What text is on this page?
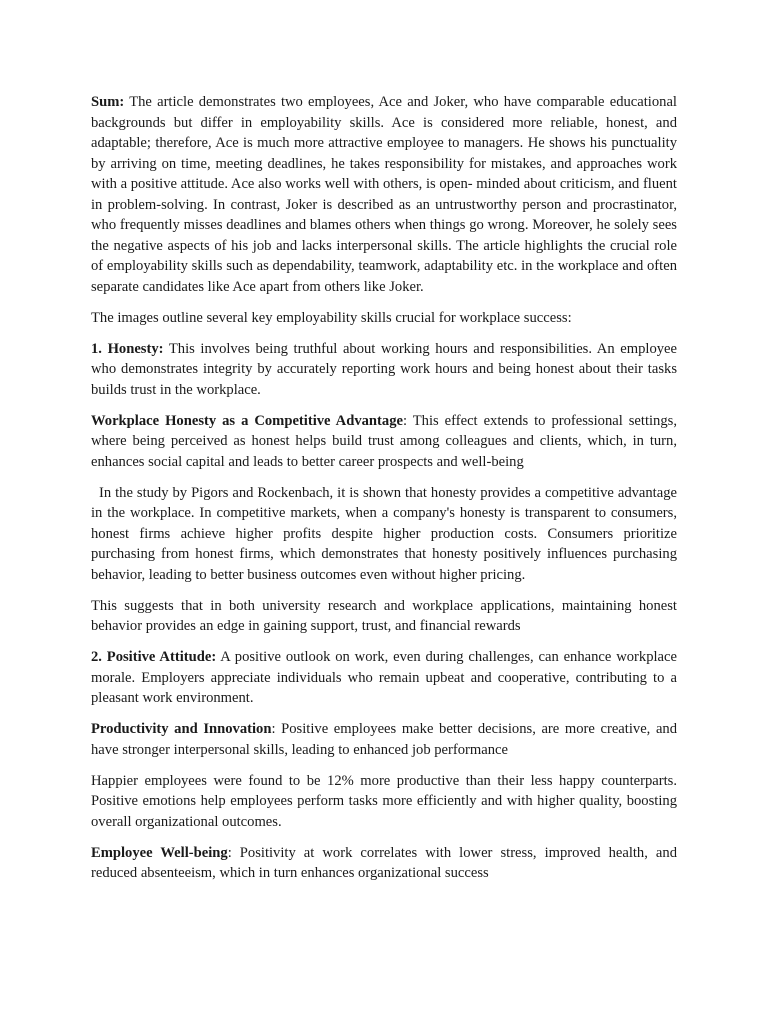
Sum: The article demonstrates two employees, Ace and Joker, who have comparable educational backgrounds but differ in employability skills. Ace is considered more reliable, honest, and adaptable; therefore, Ace is much more attractive employee to managers. He shows his punctuality by arriving on time, meeting deadlines, he takes responsibility for mistakes, and approaches work with a positive attitude. Ace also works well with others, is open- minded about criticism, and fluent in problem-solving. In contrast, Joker is described as an untrustworthy person and procrastinator, who frequently misses deadlines and blames others when things go wrong. Moreover, he solely sees the negative aspects of his job and lacks interpersonal skills. The article highlights the crucial role of employability skills such as dependability, teamwork, adaptability etc. in the workplace and often separate candidates like Ace apart from others like Joker.

The images outline several key employability skills crucial for workplace success:

1. Honesty: This involves being truthful about working hours and responsibilities. An employee who demonstrates integrity by accurately reporting work hours and being honest about their tasks builds trust in the workplace.

Workplace Honesty as a Competitive Advantage: This effect extends to professional settings, where being perceived as honest helps build trust among colleagues and clients, which, in turn, enhances social capital and leads to better career prospects and well-being

In the study by Pigors and Rockenbach, it is shown that honesty provides a competitive advantage in the workplace. In competitive markets, when a company's honesty is transparent to consumers, honest firms achieve higher profits despite higher production costs. Consumers prioritize purchasing from honest firms, which demonstrates that honesty positively influences purchasing behavior, leading to better business outcomes even without higher pricing.

This suggests that in both university research and workplace applications, maintaining honest behavior provides an edge in gaining support, trust, and financial rewards

2. Positive Attitude: A positive outlook on work, even during challenges, can enhance workplace morale. Employers appreciate individuals who remain upbeat and cooperative, contributing to a pleasant work environment.

Productivity and Innovation: Positive employees make better decisions, are more creative, and have stronger interpersonal skills, leading to enhanced job performance

Happier employees were found to be 12% more productive than their less happy counterparts. Positive emotions help employees perform tasks more efficiently and with higher quality, boosting overall organizational outcomes.

Employee Well-being: Positivity at work correlates with lower stress, improved health, and reduced absenteeism, which in turn enhances organizational success
